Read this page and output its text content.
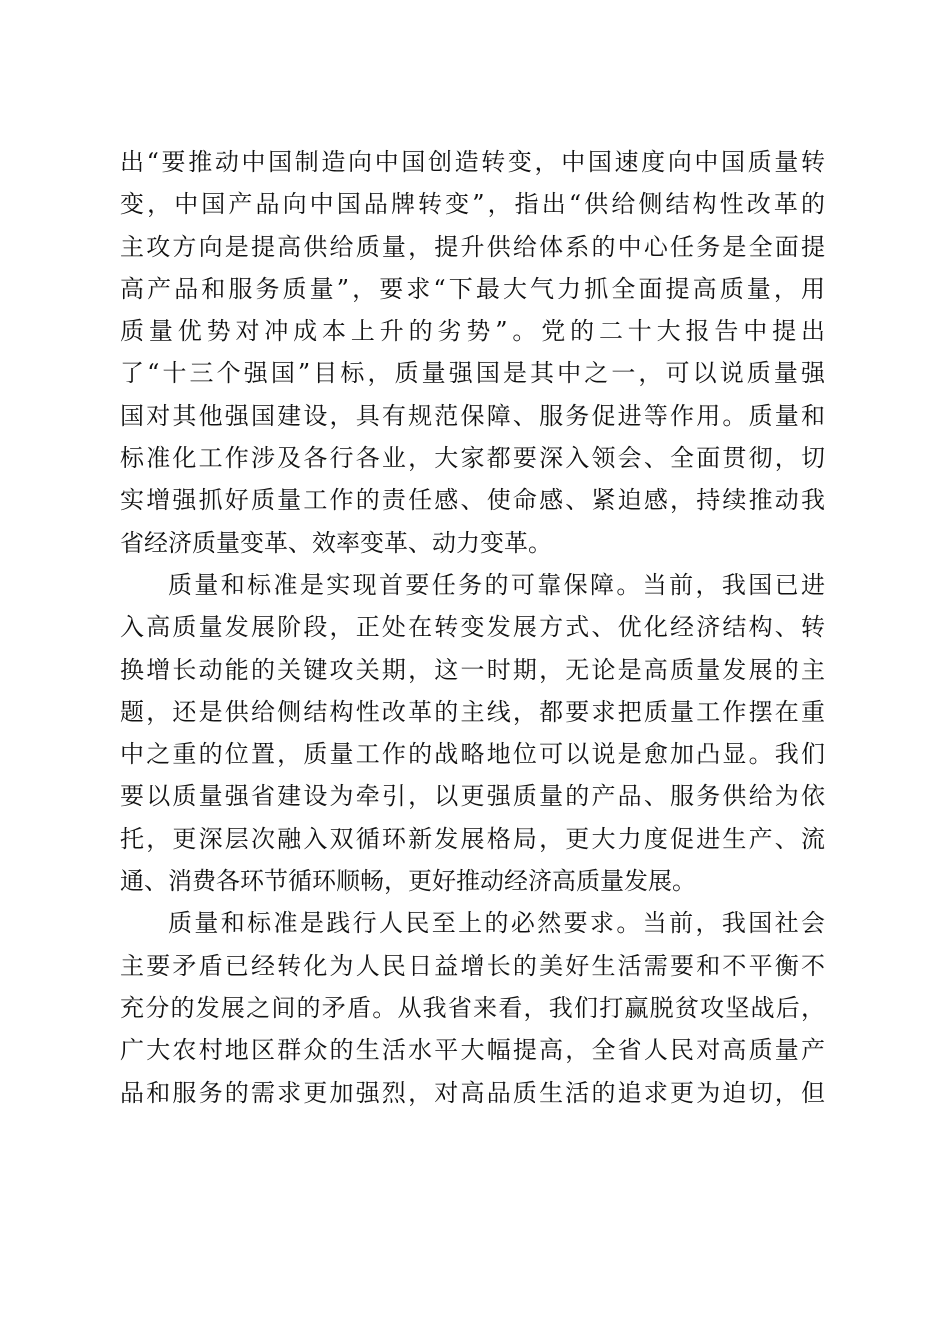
出“要推动中国制造向中国创造转变，中国速度向中国质量转
变，中国产品向中国品牌转变”，指出“供给侧结构性改革的
主攻方向是提高供给质量，提升供给体系的中心任务是全面提
高产品和服务质量”，要求“下最大气力抓全面提高质量，用
质量优势对冲成本上升的劣势”。党的二十大报告中提出
了“十三个强国”目标，质量强国是其中之一，可以说质量强
国对其他强国建设，具有规范保障、服务促进等作用。质量和
标准化工作涉及各行各业，大家都要深入领会、全面贯彻，切
实增强抓好质量工作的责任感、使命感、紧迫感，持续推动我
省经济质量变革、效率变革、动力变革。
质量和标准是实现首要任务的可靠保障。当前，我国已进
入高质量发展阶段，正处在转变发展方式、优化经济结构、转
换增长动能的关键攻关期，这一时期，无论是高质量发展的主
题，还是供给侧结构性改革的主线，都要求把质量工作摆在重
中之重的位置，质量工作的战略地位可以说是愈加凸显。我们
要以质量强省建设为牵引，以更强质量的产品、服务供给为依
托，更深层次融入双循环新发展格局，更大力度促进生产、流
通、消费各环节循环顺畅，更好推动经济高质量发展。
质量和标准是践行人民至上的必然要求。当前，我国社会
主要矛盾已经转化为人民日益增长的美好生活需要和不平衡不
充分的发展之间的矛盾。从我省来看，我们打赢脱贫攻坚战后，
广大农村地区群众的生活水平大幅提高，全省人民对高质量产
品和服务的需求更加强烈，对高品质生活的追求更为迫切，但
